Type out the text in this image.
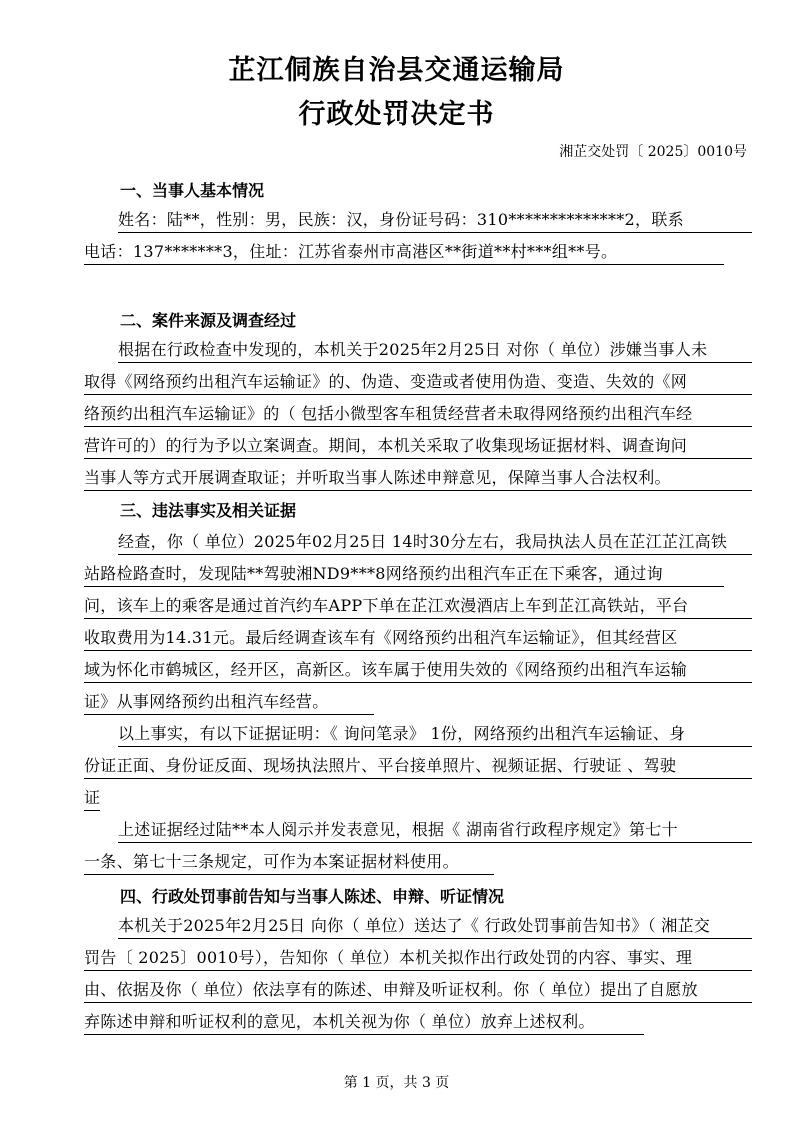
芷江侗族自治县交通运输局
行政处罚决定书
湘芷交处罚〔 2025〕0010号
一、当事人基本情况
姓名：陆**，性别：男，民族：汉，身份证号码：310**************2，联系
电话：137*******3，住址：江苏省泰州市高港区**街道**村***组**号。
二、案件来源及调查经过
根据在行政检查中发现的，本机关于2025年2月25日 对你（ 单位）涉嫌当事人未
取得《网络预约出租汽车运输证》的、伪造、变造或者使用伪造、变造、失效的《网
络预约出租汽车运输证》的（ 包括小微型客车租赁经营者未取得网络预约出租汽车经
营许可的）的行为予以立案调查。期间，本机关采取了收集现场证据材料、调查询问
当事人等方式开展调查取证；并听取当事人陈述申辩意见，保障当事人合法权利。
三、违法事实及相关证据
经查，你（ 单位）2025年02月25日 14时30分左右，我局执法人员在芷江芷江高铁
站路检路查时，发现陆**驾驶湘ND9***8网络预约出租汽车正在下乘客，通过询
问，该车上的乘客是通过首汽约车APP下单在芷江欢漫酒店上车到芷江高铁站，平台
收取费用为14.31元。最后经调查该车有《网络预约出租汽车运输证》，但其经营区
域为怀化市鹤城区，经开区，高新区。该车属于使用失效的《网络预约出租汽车运输
证》从事网络预约出租汽车经营。
以上事实，有以下证据证明：《 询问笔录》 1份，网络预约出租汽车运输证、身
份证正面、身份证反面、现场执法照片、平台接单照片、视频证据、行驶证 、驾驶
证
上述证据经过陆**本人阅示并发表意见，根据《 湖南省行政程序规定》第七十
一条、第七十三条规定，可作为本案证据材料使用。
四、行政处罚事前告知与当事人陈述、申辩、听证情况
本机关于2025年2月25日 向你（ 单位）送达了《 行政处罚事前告知书》（ 湘芷交
罚告〔 2025〕0010号），告知你（ 单位）本机关拟作出行政处罚的内容、事实、理
由、依据及你（ 单位）依法享有的陈述、申辩及听证权利。你（ 单位）提出了自愿放
弃陈述申辩和听证权利的意见，本机关视为你（ 单位）放弃上述权利。
第 1 页，共 3 页
